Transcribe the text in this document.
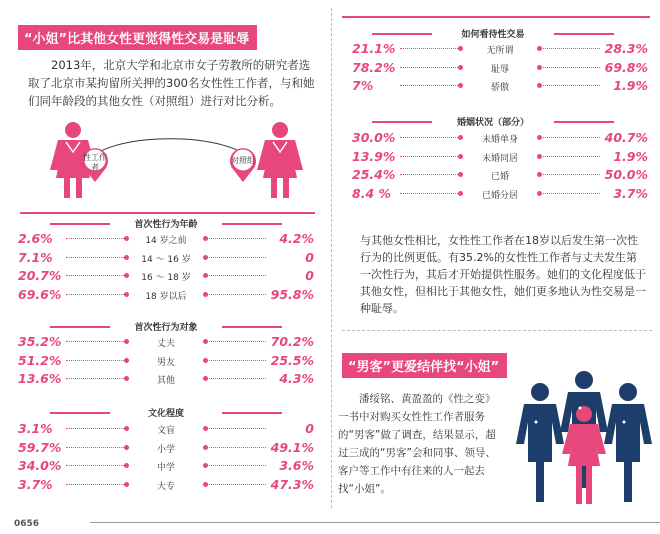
“小姐”比其他女性更觉得性交易是耻辱
2013年，北京大学和北京市女子劳教所的研究者选取了北京市某拘留所关押的300名女性性工作者，与和她们同年龄段的其他女性（对照组）进行对比分析。
性工作者
对照组
首次性行为年龄
2.6%	14 岁之前	4.2%
7.1%	14 ～ 16 岁	0
20.7%	16 ～ 18 岁	0
69.6%	18 岁以后	95.8%
首次性行为对象
35.2%	丈夫	70.2%
51.2%	男友	25.5%
13.6%	其他	4.3%
文化程度
3.1%	文盲	0
59.7%	小学	49.1%
34.0%	中学	3.6%
3.7%	大专	47.3%
如何看待性交易
21.1%	无所谓	28.3%
78.2%	耻辱	69.8%
7%	骄傲	1.9%
婚姻状况（部分）
30.0%	未婚单身	40.7%
13.9%	未婚同居	1.9%
25.4%	已婚	50.0%
8.4 %	已婚分居	3.7%
与其他女性相比，女性性工作者在18岁以后发生第一次性行为的比例更低。有35.2%的女性性工作者与丈夫发生第一次性行为，其后才开始提供性服务。她们的文化程度低于其他女性，但相比于其他女性，她们更多地认为性交易是一种耻辱。
“男客”更爱结伴找“小姐”
潘绥铭、黄盈盈的《性之变》一书中对购买女性性工作者服务的“男客”做了调查，结果显示，超过三成的“男客”会和同事、领导、客户等工作中有往来的人一起去找“小姐”。
0656
